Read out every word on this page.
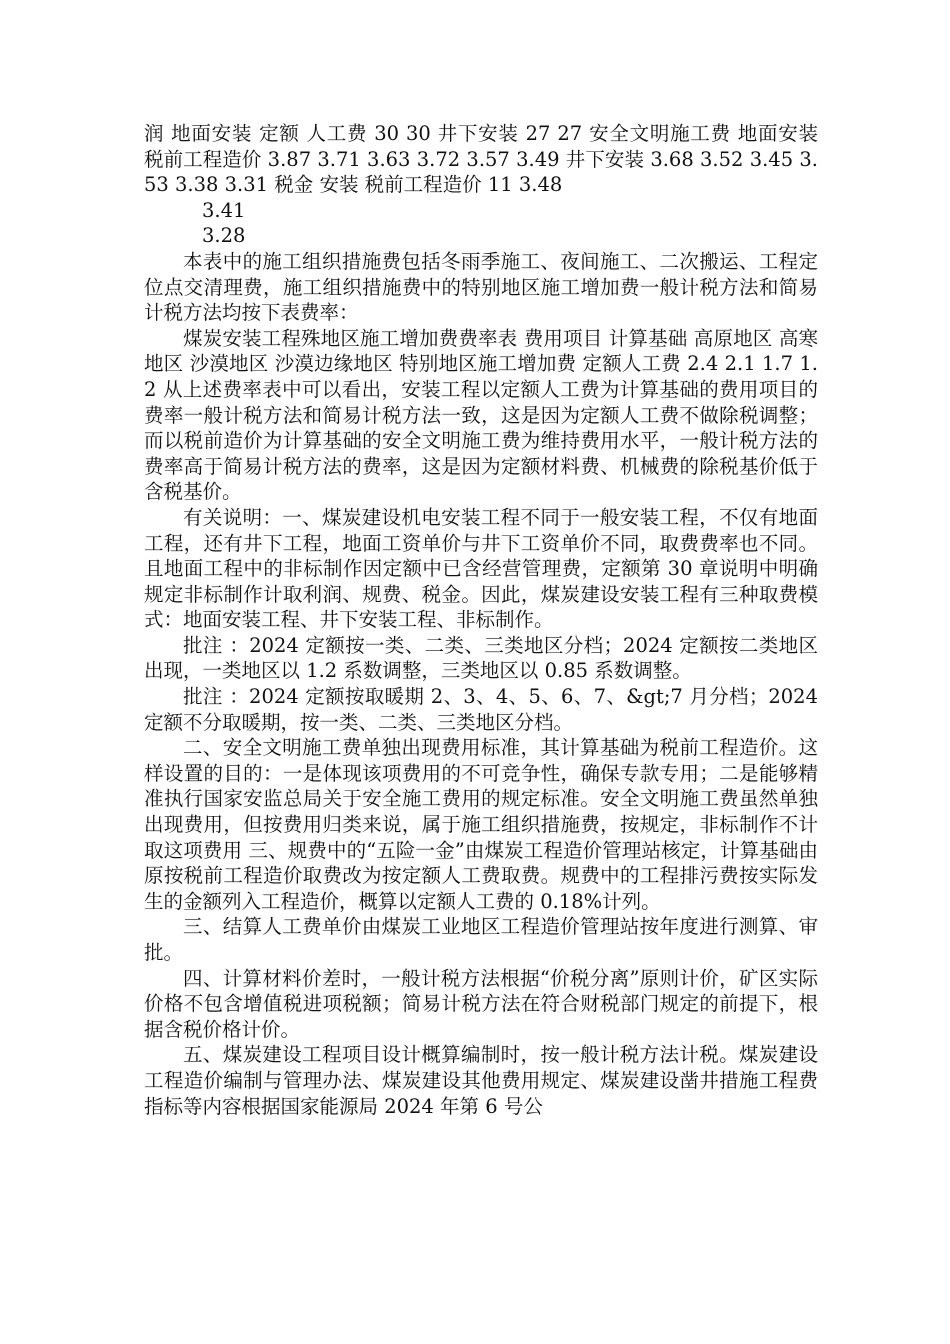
润 地面安装 定额 人工费 30 30 井下安装 27 27 安全文明施工费 地面安装 税前工程造价 3.87 3.71 3.63 3.72 3.57 3.49 井下安装 3.68 3.52 3.45 3.53 3.38 3.31 税金 安装 税前工程造价 11 3.48

3.41

3.28

本表中的施工组织措施费包括冬雨季施工、夜间施工、二次搬运、工程定位点交清理费，施工组织措施费中的特别地区施工增加费一般计税方法和简易计税方法均按下表费率：

煤炭安装工程殊地区施工增加费费率表 费用项目 计算基础 高原地区 高寒地区 沙漠地区 沙漠边缘地区 特别地区施工增加费 定额人工费 2.4 2.1 1.7 1.2 从上述费率表中可以看出，安装工程以定额人工费为计算基础的费用项目的费率一般计税方法和简易计税方法一致，这是因为定额人工费不做除税调整；而以税前造价为计算基础的安全文明施工费为维持费用水平，一般计税方法的费率高于简易计税方法的费率，这是因为定额材料费、机械费的除税基价低于含税基价。

有关说明：一、煤炭建设机电安装工程不同于一般安装工程，不仅有地面工程，还有井下工程，地面工资单价与井下工资单价不同，取费费率也不同。且地面工程中的非标制作因定额中已含经营管理费，定额第 30 章说明中明确规定非标制作计取利润、规费、税金。因此，煤炭建设安装工程有三种取费模式：地面安装工程、井下安装工程、非标制作。

批注 ：2024 定额按一类、二类、三类地区分档；2024 定额按二类地区出现，一类地区以 1.2 系数调整，三类地区以 0.85 系数调整。

批注 ：2024 定额按取暖期 2、3、4、5、6、7、&gt;7 月分档；2024 定额不分取暖期，按一类、二类、三类地区分档。

二、安全文明施工费单独出现费用标准，其计算基础为税前工程造价。这样设置的目的：一是体现该项费用的不可竞争性，确保专款专用；二是能够精准执行国家安监总局关于安全施工费用的规定标准。安全文明施工费虽然单独出现费用，但按费用归类来说，属于施工组织措施费，按规定，非标制作不计取这项费用 三、规费中的“五险一金”由煤炭工程造价管理站核定，计算基础由原按税前工程造价取费改为按定额人工费取费。规费中的工程排污费按实际发生的金额列入工程造价，概算以定额人工费的 0.18%计列。

三、结算人工费单价由煤炭工业地区工程造价管理站按年度进行测算、审批。

四、计算材料价差时，一般计税方法根据“价税分离”原则计价，矿区实际价格不包含增值税进项税额；简易计税方法在符合财税部门规定的前提下，根据含税价格计价。

五、煤炭建设工程项目设计概算编制时，按一般计税方法计税。煤炭建设工程造价编制与管理办法、煤炭建设其他费用规定、煤炭建设凿井措施工程费指标等内容根据国家能源局 2024 年第 6 号公
